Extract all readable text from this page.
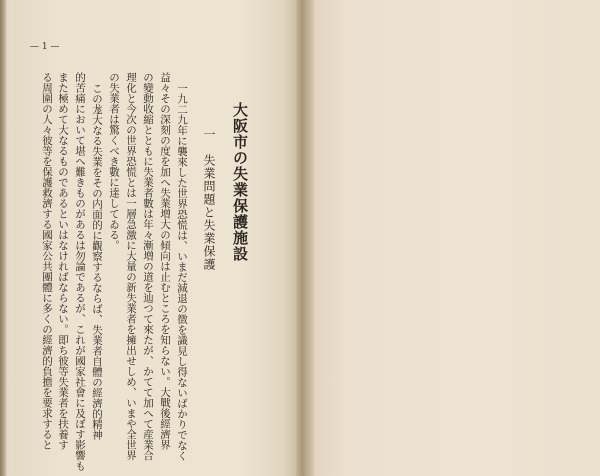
— 1 —
大阪市の失業保護施設
一　失業問題と失業保護
一九二九年に襲來した世界恐慌は、いまだ減退の徴を識見し得ないばかりでなく
益々その深刻の度を加へ失業増大の傾向は止むところを知らない。大戰後經濟界
の變動收縮とともに失業者數は年々漸増の道を辿つて來たが、かてて加へて産業合
理化と今次の世界恐慌とは一層急激に大量の新失業者を擁出せしめ、いまや全世界
の失業者は驚くべき數に達してゐる。
この尨大なる失業をその内面的に觀察するならば、失業者自體の經濟的精神
的苦痛において堪へ難きものがあるは勿論であるが、これが國家社會に及ぼす影響も
また極めて大なるものであるといはなければならない。即ち彼等失業者を扶養す
る周圍の人々彼等を保護救濟する國家公共團體に多くの經濟的負擔を要求すると
